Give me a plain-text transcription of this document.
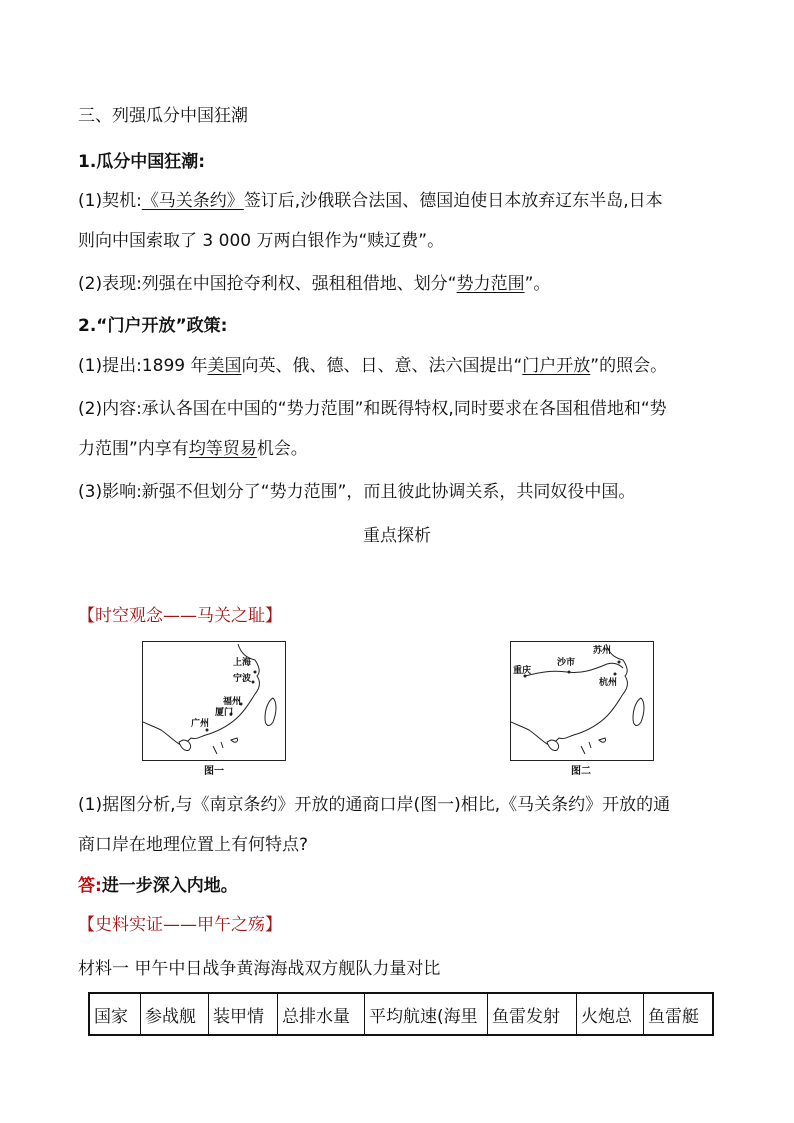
三、列强瓜分中国狂潮
1.瓜分中国狂潮:
(1)契机:《马关条约》签订后,沙俄联合法国、德国迫使日本放弃辽东半岛,日本
则向中国索取了 3 000 万两白银作为“赎辽费”。
(2)表现:列强在中国抢夺利权、强租租借地、划分“势力范围”。
2.“门户开放”政策:
(1)提出:1899 年美国向英、俄、德、日、意、法六国提出“门户开放”的照会。
(2)内容:承认各国在中国的“势力范围”和既得特权,同时要求在各国租借地和“势
力范围”内享有均等贸易机会。
(3)影响:新强不但划分了“势力范围”，而且彼此协调关系，共同奴役中国。
重点探析
【时空观念——马关之耻】
上海
宁波
福州
厦门
广州
图一
苏州
沙市
重庆
杭州
图二
(1)据图分析,与《南京条约》开放的通商口岸(图一)相比,《马关条约》开放的通
商口岸在地理位置上有何特点?
答:进一步深入内地。
【史料实证——甲午之殇】
材料一 甲午中日战争黄海海战双方舰队力量对比
国家	参战舰	装甲情	总排水量	平均航速(海里	鱼雷发射	火炮总	鱼雷艇
